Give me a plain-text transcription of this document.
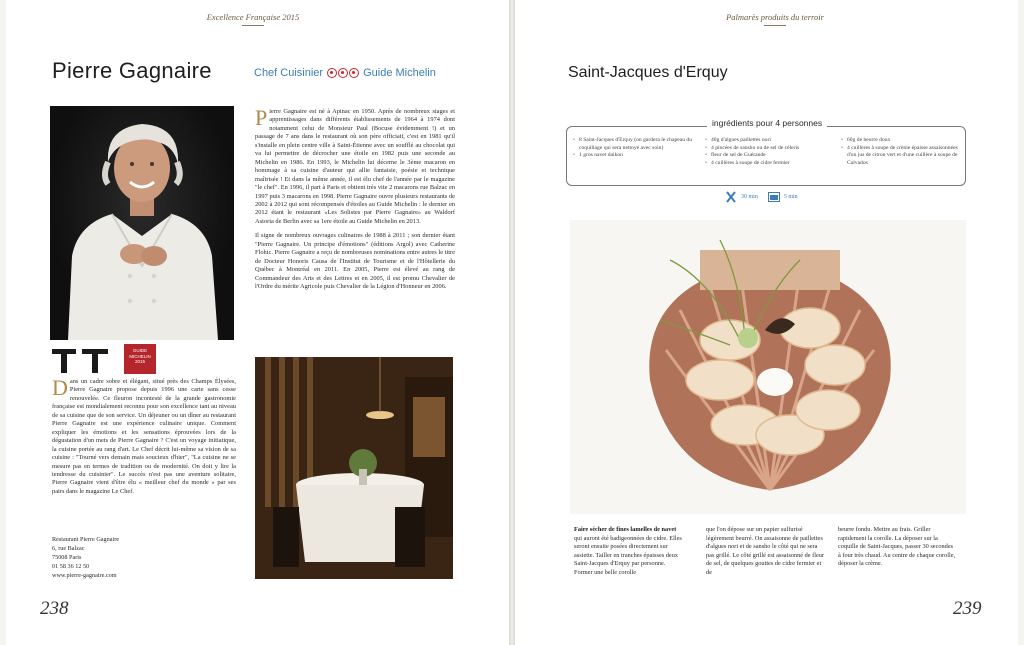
Excellence Française 2015
Pierre Gagnaire	Chef Cuisinier	Guide Michelin
GUIDE MICHELIN 2015

Pierre Gagnaire est né à Apinac en 1950. Après de nombreux stages et apprentissages dans différents établissements de 1964 à 1974 dont notamment celui de Monsieur Paul (Bocuse évidemment !) et un passage de 7 ans dans le restaurant où son père officiait, c'est en 1981 qu'il s'installe en plein centre ville à Saint-Étienne avec un soufflé au chocolat qui va lui permettre de décrocher une étoile en 1982 puis une seconde au Michelin en 1986. En 1993, le Michelin lui décerne le 3ème macaron en hommage à sa cuisine d'auteur qui allie fantaisie, poésie et technique maîtrisée ! Et dans la même année, il est élu chef de l'année par le magazine "le chef". En 1996, il part à Paris et obtient très vite 2 macarons rue Balzac en 1997 puis 3 macarons en 1998. Pierre Gagnaire ouvre plusieurs restaurants de 2002 à 2012 qui sont récompensés d'étoiles au Guide Michelin : le dernier en 2012 étant le restaurant «Les Solistes par Pierre Gagnaire» au Waldorf Astoria de Berlin avec sa 1ere étoile au Guide Michelin en 2013.

Il signe de nombreux ouvrages culinaires de 1988 à 2011 ; son dernier étant "Pierre Gagnaire. Un principe d'émotions" (éditions Argol) avec Catherine Flohic. Pierre Gagnaire a reçu de nombreuses nominations entre autres le titre de Docteur Honoris Causa de l'Institut de Tourisme et de l'Hôtellerie du Québec à Montréal en 2011. En 2005, Pierre est élevé au rang de Commandeur des Arts et des Lettres et en 2005, il est promu Chevalier de l'Ordre du mérite Agricole puis Chevalier de la Légion d'Honneur en 2006.

Dans un cadre sobre et élégant, situé près des Champs Élysées, Pierre Gagnaire propose depuis 1996 une carte sans cesse renouvelée. Ce fleuron incontesté de la grande gastronomie française est mondialement reconnu pour son excellence tant au niveau de sa cuisine que de son service. Un déjeuner ou un dîner au restaurant Pierre Gagnaire est une expérience culinaire unique. Comment expliquer les émotions et les sensations éprouvées lors de la dégustation d'un mets de Pierre Gagnaire ? C'est un voyage initiatique, la cuisine portée au rang d'art. Le Chef décrit lui-même sa vision de sa cuisine : "Tourné vers demain mais soucieux d'hier", "La cuisine ne se mesure pas en termes de tradition ou de modernité. On doit y lire la tendresse du cuisinier". Le succès n'est pas une aventure solitaire, Pierre Gagnaire vient d'être élu « meilleur chef du monde » par ses pairs dans le magazine Le Chef.

Restaurant Pierre Gagnaire
6, rue Balzac
75008 Paris
01 58 36 12 50
www.pierre-gagnaire.com
238
Palmarès produits du terroir
Saint-Jacques d'Erquy
• 8 Saint-Jacques d'Erquy (on gardera le chapeau du coquillage qui sera nettoyé avec soin)
• 1 gros navet daikon
• 40g d'algues paillettes nori
• 4 pincées de sansho ou de sel de céleris
• fleur de sel de Guérande
• 4 cuillères à soupe de cidre fermier
• 60g de beurre doux
• 4 cuillères à soupe de crème épaisse assaisonnées d'un jus de citron vert et d'une cuillère à soupe de Calvados
ingrédients pour 4 personnes
30 min	5 min
Faire sécher de fines lamelles de navet qui auront été badigeonnées de cidre. Elles seront ensuite posées directement sur assiette. Tailler en tranches épaisses deux Saint-Jacques d'Erquy par personne. Former une belle corolle
que l'on dépose sur un papier sulfurisé légèrement beurré. On assaisonne de paillettes d'algues nori et de sansho le côté qui ne sera pas grillé. Le côté grillé est assaisonné de fleur de sel, de quelques gouttes de cidre fermier et de
beurre fondu. Mettre au frais. Griller rapidement la corolle. La déposer sur la coquille de Saint-Jacques, passer 30 secondes à four très chaud. Au centre de chaque corolle, déposer la crème.
239
